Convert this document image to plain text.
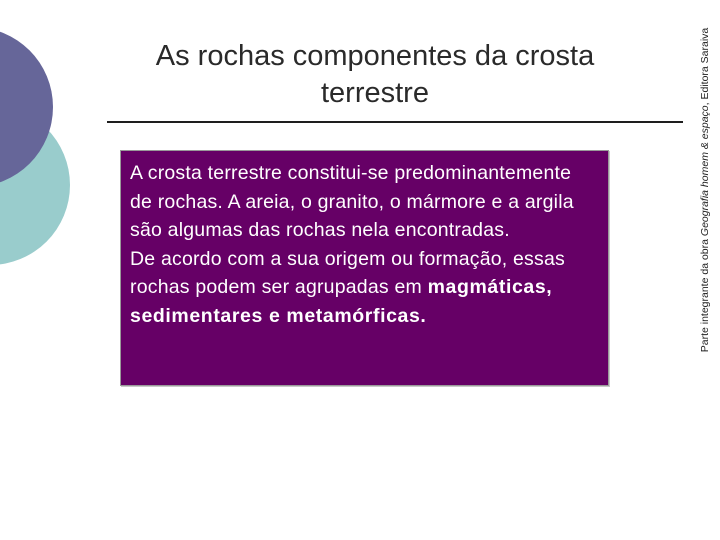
As rochas componentes da crosta terrestre

A crosta terrestre constitui-se predominantemente de rochas. A areia, o granito, o mármore e a argila são algumas das rochas nela encontradas.

De acordo com a sua origem ou formação, essas rochas podem ser agrupadas em magmáticas, sedimentares e metamórficas.	Parte integrante da obra Geografia homem & espaço, Editora Saraiva
